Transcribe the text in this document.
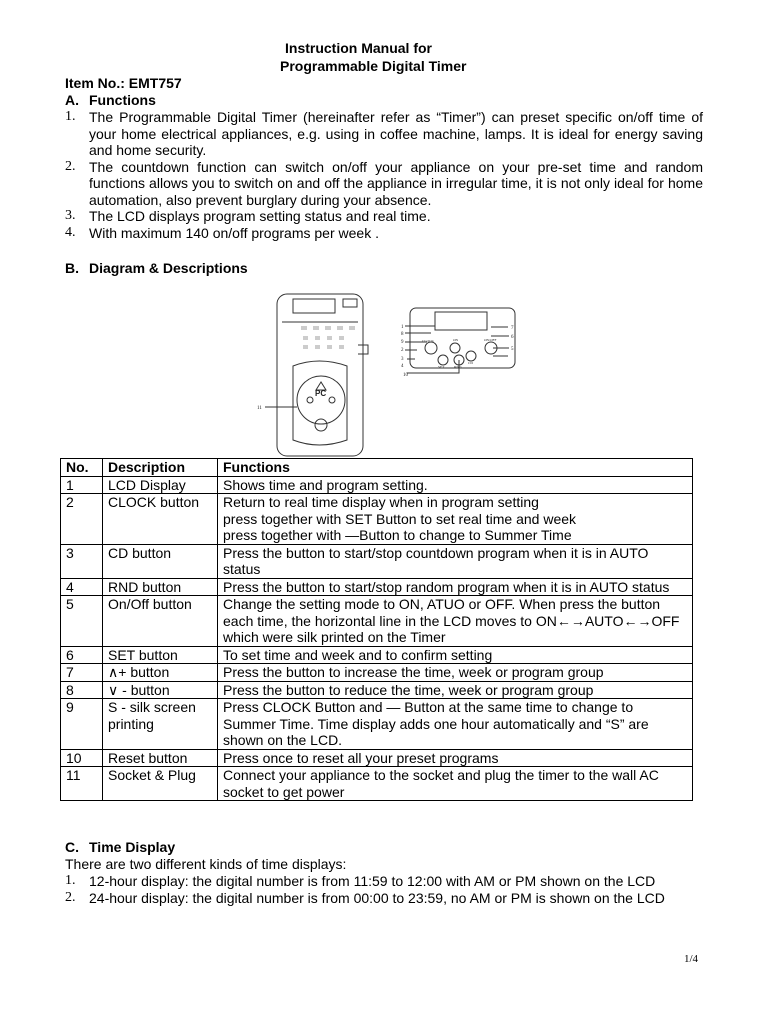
Instruction Manual for
Programmable Digital Timer
Item No.: EMT757
A. Functions
1. The Programmable Digital Timer (hereinafter refer as “Timer”) can preset specific on/off time of your home electrical appliances, e.g. using in coffee machine, lamps. It is ideal for energy saving and home security.
2. The countdown function can switch on/off your appliance on your pre-set time and random functions allows you to switch on and off the appliance in irregular time, it is not only ideal for home automation, also prevent burglary during your absence.
3. The LCD displays program setting status and real time.
4. With maximum 140 on/off programs per week .
B. Diagram & Descriptions
PC
1
8
9
2
3
4
7
6
5
10
11
CLOCK
SET
ON
RND
CD
ON/OFF
No.	Description	Functions
1	LCD Display	Shows time and program setting.
2	CLOCK button	Return to real time display when in program setting
press together with SET Button to set real time and week
press together with —Button to change to Summer Time
3	CD button	Press the button to start/stop countdown program when it is in AUTO status
4	RND button	Press the button to start/stop random program when it is in AUTO status
5	On/Off button	Change the setting mode to ON, ATUO or OFF. When press the button each time, the horizontal line in the LCD moves to ON←→AUTO←→OFF which were silk printed on the Timer
6	SET button	To set time and week and to confirm setting
7	∧+ button	Press the button to increase the time, week or program group
8	∨ - button	Press the button to reduce the time, week or program group
9	S - silk screen printing	Press CLOCK Button and — Button at the same time to change to Summer Time. Time display adds one hour automatically and “S” are shown on the LCD.
10	Reset button	Press once to reset all your preset programs
11	Socket & Plug	Connect your appliance to the socket and plug the timer to the wall AC socket to get power
C. Time Display
There are two different kinds of time displays:
1. 12-hour display: the digital number is from 11:59 to 12:00 with AM or PM shown on the LCD
2. 24-hour display: the digital number is from 00:00 to 23:59, no AM or PM is shown on the LCD
1/4
